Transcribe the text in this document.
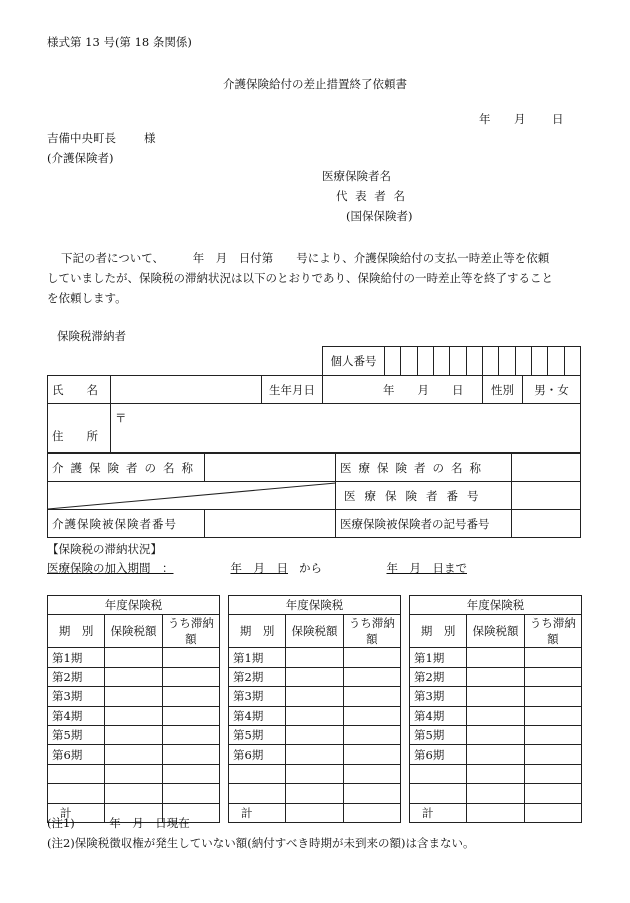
様式第 13 号(第 18 条関係)
介護保険給付の差止措置終了依頼書
年 月 日
吉備中央町長 様
(介護保険者)
医療保険者名
代 表 者 名
(国保保険者)
下記の者について、　　　年　月　日付第　　号により、介護保険給付の支払一時差止等を依頼
していましたが、保険税の滞納状況は以下のとおりであり、保険給付の一時差止等を終了すること
を依頼します。
保険税滞納者
個人番号												
氏　　名		生年月日	年　　月　　日	性別	男・女
住　　所	〒
介護保険者の名称		医療保険者の名称	

	医療保険者番号	
介護保険被保険者番号		医療保険被保険者の記号番号	
【保険税の滞納状況】
医療保険の加入期間　：	年　月　日 から	年　月　日まで
年度保険税		
期　別	保険税額	うち滞納額
第1期		
第2期		
第3期		
第4期		
第5期		
第6期		

計		
年度保険税		
期　別	保険税額	うち滞納額
第1期		
第2期		
第3期		
第4期		
第5期		
第6期		

計		
年度保険税		
期　別	保険税額	うち滞納額
第1期		
第2期		
第3期		
第4期		
第5期		
第6期		

計		
(注1)　　　年　月　日現在
(注2)保険税徴収権が発生していない額(納付すべき時期が未到来の額)は含まない。
